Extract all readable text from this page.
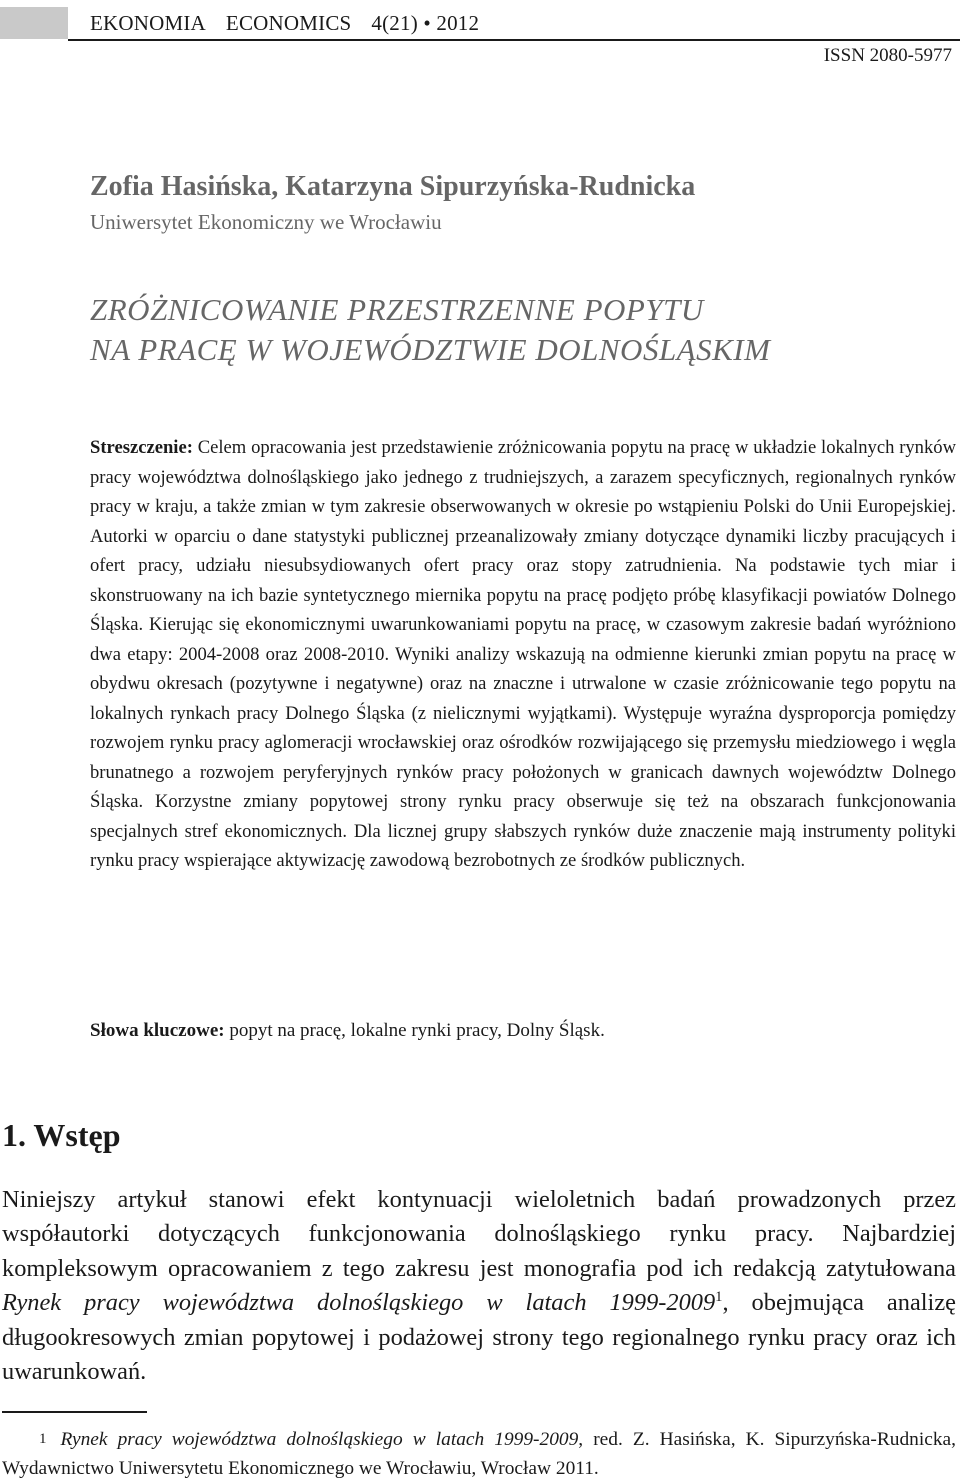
EKONOMIA ECONOMICS 4(21) • 2012
ISSN 2080-5977
Zofia Hasińska, Katarzyna Sipurzyńska-Rudnicka
Uniwersytet Ekonomiczny we Wrocławiu
ZRÓŻNICOWANIE PRZESTRZENNE POPYTU
NA PRACĘ W WOJEWÓDZTWIE DOLNOŚLĄSKIM
Streszczenie: Celem opracowania jest przedstawienie zróżnicowania popytu na pracę w układzie lokalnych rynków pracy województwa dolnośląskiego jako jednego z trudniejszych, a zarazem specyficznych, regionalnych rynków pracy w kraju, a także zmian w tym zakresie obserwowanych w okresie po wstąpieniu Polski do Unii Europejskiej. Autorki w oparciu o dane statystyki publicznej przeanalizowały zmiany dotyczące dynamiki liczby pracujących i ofert pracy, udziału niesubsydiowanych ofert pracy oraz stopy zatrudnienia. Na podstawie tych miar i skonstruowany na ich bazie syntetycznego miernika popytu na pracę podjęto próbę klasyfikacji powiatów Dolnego Śląska. Kierując się ekonomicznymi uwarunkowaniami popytu na pracę, w czasowym zakresie badań wyróżniono dwa etapy: 2004-2008 oraz 2008-2010. Wyniki analizy wskazują na odmienne kierunki zmian popytu na pracę w obydwu okresach (pozytywne i negatywne) oraz na znaczne i utrwalone w czasie zróżnicowanie tego popytu na lokalnych rynkach pracy Dolnego Śląska (z nielicznymi wyjątkami). Występuje wyraźna dysproporcja pomiędzy rozwojem rynku pracy aglomeracji wrocławskiej oraz ośrodków rozwijającego się przemysłu miedziowego i węgla brunatnego a rozwojem peryferyjnych rynków pracy położonych w granicach dawnych województw Dolnego Śląska. Korzystne zmiany popytowej strony rynku pracy obserwuje się też na obszarach funkcjonowania specjalnych stref ekonomicznych. Dla licznej grupy słabszych rynków duże znaczenie mają instrumenty polityki rynku pracy wspierające aktywizację zawodową bezrobotnych ze środków publicznych.
Słowa kluczowe: popyt na pracę, lokalne rynki pracy, Dolny Śląsk.
1. Wstęp
Niniejszy artykuł stanowi efekt kontynuacji wieloletnich badań prowadzonych przez współautorki dotyczących funkcjonowania dolnośląskiego rynku pracy. Najbardziej kompleksowym opracowaniem z tego zakresu jest monografia pod ich redakcją zatytułowana Rynek pracy województwa dolnośląskiego w latach 1999-2009$^1$, obejmująca analizę długookresowych zmian popytowej i podażowej strony tego regionalnego rynku pracy oraz ich uwarunkowań.
$^1$ Rynek pracy województwa dolnośląskiego w latach 1999-2009, red. Z. Hasińska, K. Sipurzyńska-Rudnicka, Wydawnictwo Uniwersytetu Ekonomicznego we Wrocławiu, Wrocław 2011.
